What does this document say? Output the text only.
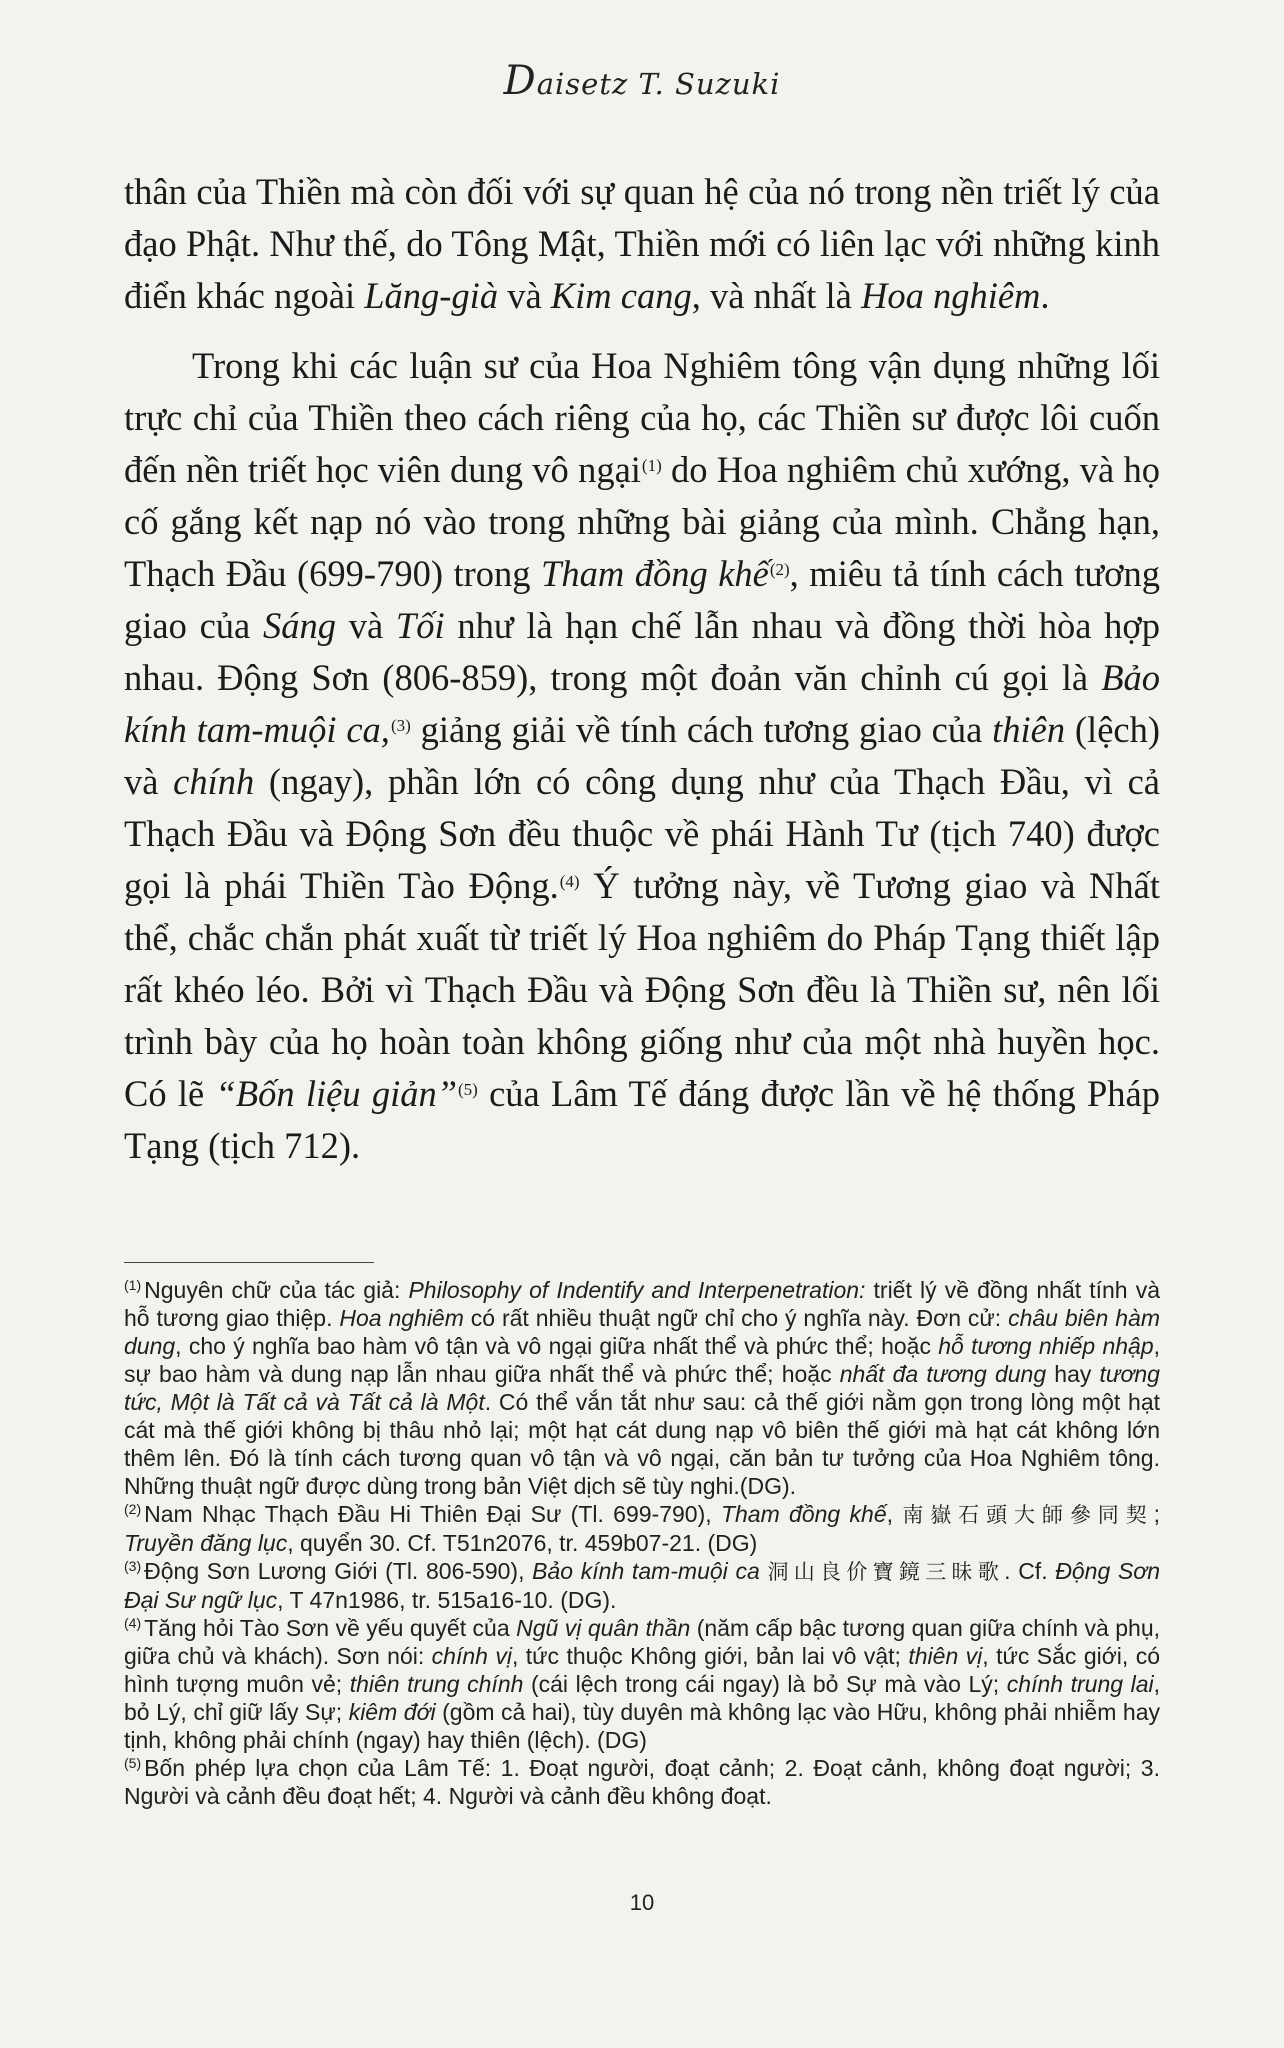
Daisetz T. Suzuki

thân của Thiền mà còn đối với sự quan hệ của nó trong nền triết lý của đạo Phật. Như thế, do Tông Mật, Thiền mới có liên lạc với những kinh điển khác ngoài Lăng-già và Kim cang, và nhất là Hoa nghiêm.

Trong khi các luận sư của Hoa Nghiêm tông vận dụng những lối trực chỉ của Thiền theo cách riêng của họ, các Thiền sư được lôi cuốn đến nền triết học viên dung vô ngại$^{(1)}$ do Hoa nghiêm chủ xướng, và họ cố gắng kết nạp nó vào trong những bài giảng của mình. Chẳng hạn, Thạch Đầu (699-790) trong Tham đồng khế$^{(2)}$, miêu tả tính cách tương giao của Sáng và Tối như là hạn chế lẫn nhau và đồng thời hòa hợp nhau. Động Sơn (806-859), trong một đoản văn chỉnh cú gọi là Bảo kính tam-muội ca,$^{(3)}$ giảng giải về tính cách tương giao của thiên (lệch) và chính (ngay), phần lớn có công dụng như của Thạch Đầu, vì cả Thạch Đầu và Động Sơn đều thuộc về phái Hành Tư (tịch 740) được gọi là phái Thiền Tào Động.$^{(4)}$ Ý tưởng này, về Tương giao và Nhất thể, chắc chắn phát xuất từ triết lý Hoa nghiêm do Pháp Tạng thiết lập rất khéo léo. Bởi vì Thạch Đầu và Động Sơn đều là Thiền sư, nên lối trình bày của họ hoàn toàn không giống như của một nhà huyền học. Có lẽ “Bốn liệu giản”$^{(5)}$ của Lâm Tế đáng được lần về hệ thống Pháp Tạng (tịch 712).

$^{(1)}$ Nguyên chữ của tác giả: Philosophy of Indentify and Interpenetration: triết lý về đồng nhất tính và hỗ tương giao thiệp. Hoa nghiêm có rất nhiều thuật ngữ chỉ cho ý nghĩa này. Đơn cử: châu biên hàm dung, cho ý nghĩa bao hàm vô tận và vô ngại giữa nhất thể và phức thể; hoặc hỗ tương nhiếp nhập, sự bao hàm và dung nạp lẫn nhau giữa nhất thể và phức thể; hoặc nhất đa tương dung hay tương tức, Một là Tất cả và Tất cả là Một. Có thể vắn tắt như sau: cả thế giới nằm gọn trong lòng một hạt cát mà thế giới không bị thâu nhỏ lại; một hạt cát dung nạp vô biên thế giới mà hạt cát không lớn thêm lên. Đó là tính cách tương quan vô tận và vô ngại, căn bản tư tưởng của Hoa Nghiêm tông. Những thuật ngữ được dùng trong bản Việt dịch sẽ tùy nghi.(DG).

$^{(2)}$ Nam Nhạc Thạch Đầu Hi Thiên Đại Sư (Tl. 699-790), Tham đồng khế, 南嶽石頭大師參同契; Truyền đăng lục, quyển 30. Cf. T51n2076, tr. 459b07-21. (DG)

$^{(3)}$ Động Sơn Lương Giới (Tl. 806-590), Bảo kính tam-muội ca 洞山良价寶鏡三昧歌. Cf. Động Sơn Đại Sư ngữ lục, T 47n1986, tr. 515a16-10. (DG).

$^{(4)}$ Tăng hỏi Tào Sơn về yếu quyết của Ngũ vị quân thần (năm cấp bậc tương quan giữa chính và phụ, giữa chủ và khách). Sơn nói: chính vị, tức thuộc Không giới, bản lai vô vật; thiên vị, tức Sắc giới, có hình tượng muôn vẻ; thiên trung chính (cái lệch trong cái ngay) là bỏ Sự mà vào Lý; chính trung lai, bỏ Lý, chỉ giữ lấy Sự; kiêm đới (gồm cả hai), tùy duyên mà không lạc vào Hữu, không phải nhiễm hay tịnh, không phải chính (ngay) hay thiên (lệch). (DG)

$^{(5)}$ Bốn phép lựa chọn của Lâm Tế: 1. Đoạt người, đoạt cảnh; 2. Đoạt cảnh, không đoạt người; 3. Người và cảnh đều đoạt hết; 4. Người và cảnh đều không đoạt.

10
